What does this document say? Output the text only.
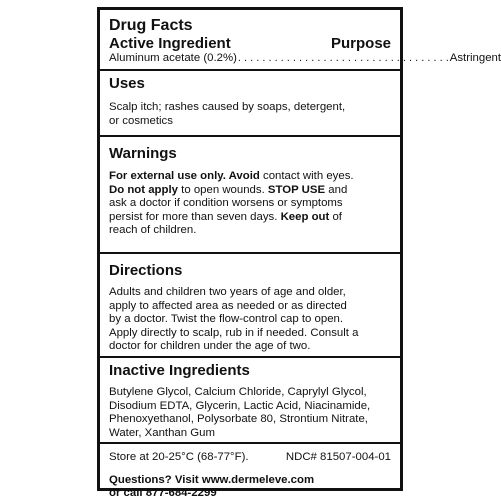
Drug Facts
Active Ingredient	Purpose
Aluminum acetate (0.2%) . . . . . . . . . . . . . . . . . . . . . . . . . . . . . . . . . . . Astringent
Uses
Scalp itch; rashes caused by soaps, detergent,
or cosmetics
Warnings
For external use only. Avoid contact with eyes.
Do not apply to open wounds. STOP USE and
ask a doctor if condition worsens or symptoms
persist for more than seven days. Keep out of
reach of children.
Directions
Adults and children two years of age and older,
apply to affected area as needed or as directed
by a doctor. Twist the flow-control cap to open.
Apply directly to scalp, rub in if needed. Consult a
doctor for children under the age of two.
Inactive Ingredients
Butylene Glycol, Calcium Chloride, Caprylyl Glycol,
Disodium EDTA, Glycerin, Lactic Acid, Niacinamide,
Phenoxyethanol, Polysorbate 80, Strontium Nitrate,
Water, Xanthan Gum
Store at 20-25°C (68-77°F).	NDC# 81507-004-01
Questions? Visit www.dermeleve.com
or call 877-684-2299
